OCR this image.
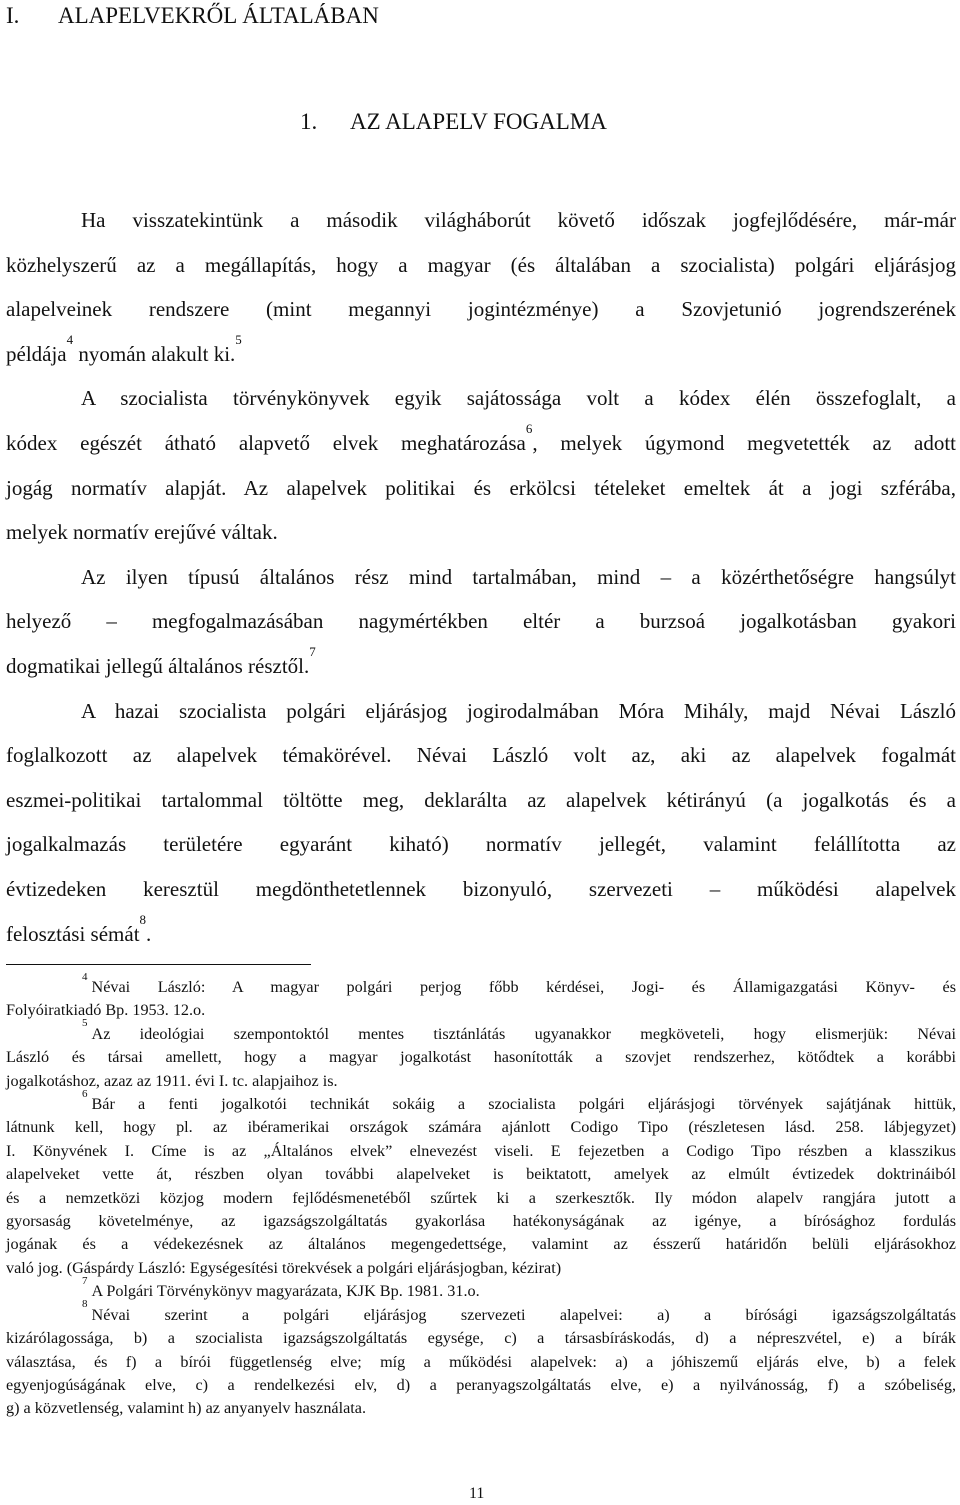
I. ALAPELVEKRŐL ÁLTALÁBAN
1. AZ ALAPELV FOGALMA

Ha visszatekintünk a második világháborút követő időszak jogfejlődésére, már-már

közhelyszerű az a megállapítás, hogy a magyar (és általában a szocialista) polgári eljárásjog

alapelveinek rendszere (mint megannyi jogintézménye) a Szovjetunió jogrendszerének

példája$^4$ nyomán alakult ki.$^5$

A szocialista törvénykönyvek egyik sajátossága volt a kódex élén összefoglalt, a

kódex egészét átható alapvető elvek meghatározása$^6$, melyek úgymond megvetették az adott

jogág normatív alapját. Az alapelvek politikai és erkölcsi tételeket emeltek át a jogi szférába,

melyek normatív erejűvé váltak.

Az ilyen típusú általános rész mind tartalmában, mind – a közérthetőségre hangsúlyt

helyező – megfogalmazásában nagymértékben eltér a burzsoá jogalkotásban gyakori

dogmatikai jellegű általános résztől.$^7$

A hazai szocialista polgári eljárásjog jogirodalmában Móra Mihály, majd Névai László

foglalkozott az alapelvek témakörével. Névai László volt az, aki az alapelvek fogalmát

eszmei-politikai tartalommal töltötte meg, deklarálta az alapelvek kétirányú (a jogalkotás és a

jogalkalmazás területére egyaránt kiható) normatív jellegét, valamint felállította az

évtizedeken keresztül megdönthetetlennek bizonyuló, szervezeti – működési alapelvek

felosztási sémát$^8$.

$^4$Névai László: A magyar polgári perjog főbb kérdései, Jogi- és Államigazgatási Könyv- és

Folyóiratkiadó Bp. 1953. 12.o.

$^5$Az ideológiai szempontoktól mentes tisztánlátás ugyanakkor megköveteli, hogy elismerjük: Névai

László és társai amellett, hogy a magyar jogalkotást hasonították a szovjet rendszerhez, kötődtek a korábbi

jogalkotáshoz, azaz az 1911. évi I. tc. alapjaihoz is.

$^6$Bár a fenti jogalkotói technikát sokáig a szocialista polgári eljárásjogi törvények sajátjának hittük,

látnunk kell, hogy pl. az ibéramerikai országok számára ajánlott Codigo Tipo (részletesen lásd. 258. lábjegyzet)

I. Könyvének I. Címe is az „Általános elvek” elnevezést viseli. E fejezetben a Codigo Tipo részben a klasszikus

alapelveket vette át, részben olyan további alapelveket is beiktatott, amelyek az elmúlt évtizedek doktrináiból

és a nemzetközi közjog modern fejlődésmenetéből szűrtek ki a szerkesztők. Ily módon alapelv rangjára jutott a

gyorsaság követelménye, az igazságszolgáltatás gyakorlása hatékonyságának az igénye, a bírósághoz fordulás

jogának és a védekezésnek az általános megengedettsége, valamint az ésszerű határidőn belüli eljárásokhoz

való jog. (Gáspárdy László: Egységesítési törekvések a polgári eljárásjogban, kézirat)

$^7$A Polgári Törvénykönyv magyarázata, KJK Bp. 1981. 31.o.

$^8$Névai szerint a polgári eljárásjog szervezeti alapelvei: a) a bírósági igazságszolgáltatás

kizárólagossága, b) a szocialista igazságszolgáltatás egysége, c) a társasbíráskodás, d) a népreszvétel, e) a bírák

választása, és f) a bírói függetlenség elve; míg a működési alapelvek: a) a jóhiszemű eljárás elve, b) a felek

egyenjogúságának elve, c) a rendelkezési elv, d) a peranyagszolgáltatás elve, e) a nyilvánosság, f) a szóbeliség,

g) a közvetlenség, valamint h) az anyanyelv használata.

11
